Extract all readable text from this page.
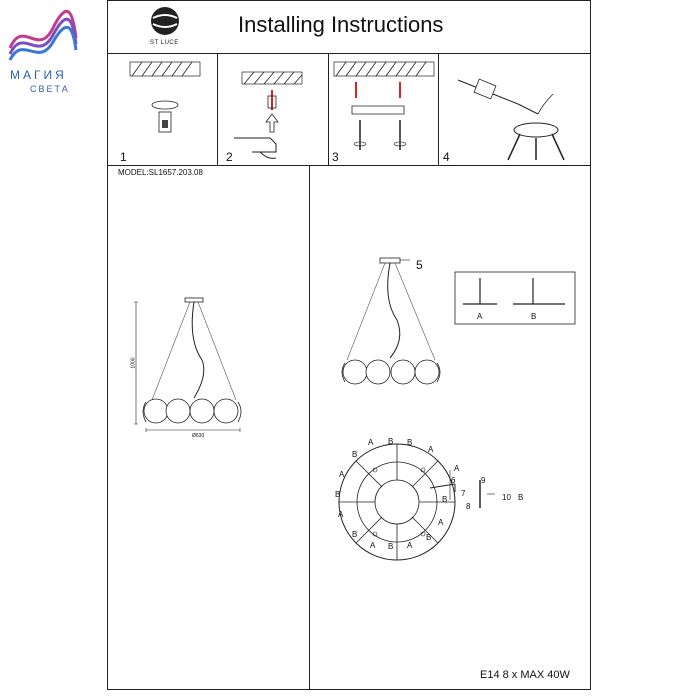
МАГИЯ
СВЕТА
ST LUCE
Installing Instructions
1	2	3	4
MODEL:SL1657.203.08
1000
Ø630
5
A	B
A B B
A
B
A
B
A
B
A B A
B
A
B
A
6
7
8
9
10 B
E14 8 x MAX 40W
